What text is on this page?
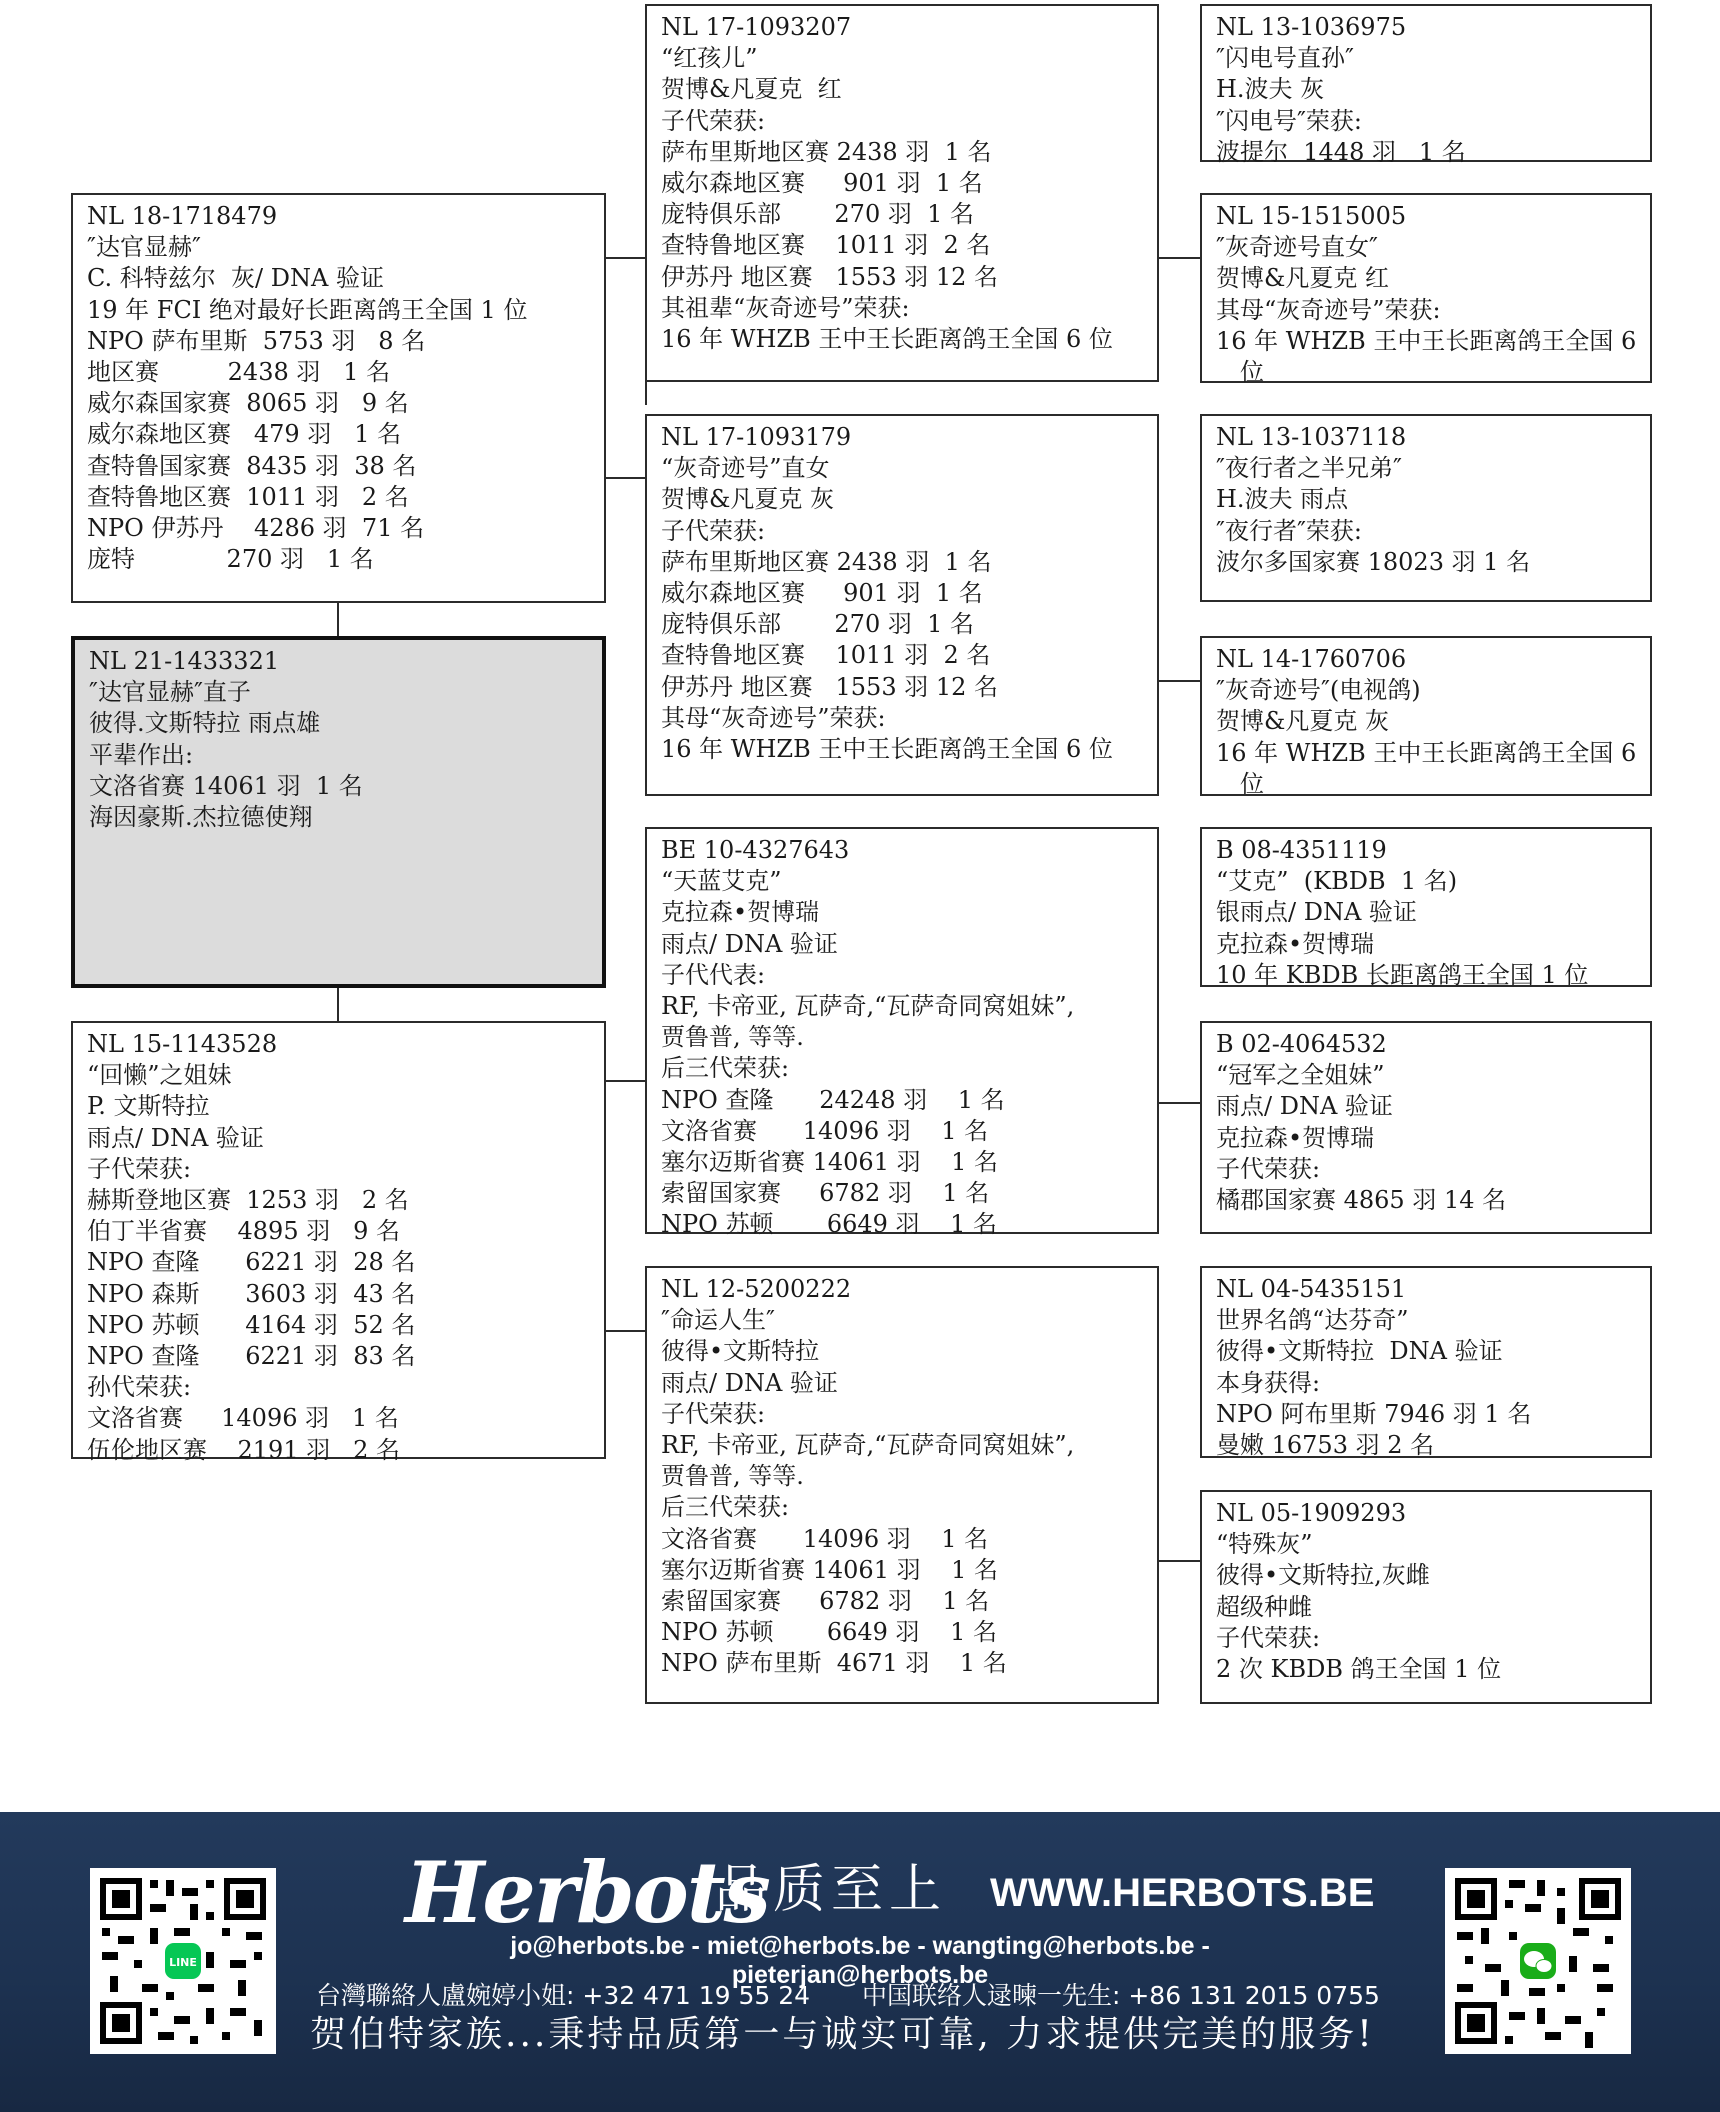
NL 18-1718479
″达官显赫″
C. 科特兹尔  灰/ DNA 验证
19 年 FCI 绝对最好长距离鸽王全国 1 位
NPO 萨布里斯  5753 羽   8 名
地区赛         2438 羽   1 名
威尔森国家赛  8065 羽   9 名
威尔森地区赛   479 羽   1 名
查特鲁国家赛  8435 羽  38 名
查特鲁地区赛  1011 羽   2 名
NPO 伊苏丹    4286 羽  71 名
庞特            270 羽   1 名
NL 21-1433321
″达官显赫″直子
彼得.文斯特拉 雨点雄
平辈作出:
文洛省赛 14061 羽  1 名
海因豪斯.杰拉德使翔
NL 15-1143528
“回懒”之姐妹
P. 文斯特拉
雨点/ DNA 验证
子代荣获:
赫斯登地区赛  1253 羽   2 名
伯丁半省赛    4895 羽   9 名
NPO 查隆      6221 羽  28 名
NPO 森斯      3603 羽  43 名
NPO 苏顿      4164 羽  52 名
NPO 查隆      6221 羽  83 名
孙代荣获:
文洛省赛     14096 羽   1 名
伍伦地区赛    2191 羽   2 名
NL 17-1093207
“红孩儿”
贺博&凡夏克  红
子代荣获:
萨布里斯地区赛 2438 羽  1 名
威尔森地区赛     901 羽  1 名
庞特俱乐部       270 羽  1 名
查特鲁地区赛    1011 羽  2 名
伊苏丹 地区赛   1553 羽 12 名
其祖辈“灰奇迹号”荣获:
16 年 WHZB 王中王长距离鸽王全国 6 位
NL 17-1093179
“灰奇迹号”直女
贺博&凡夏克 灰
子代荣获:
萨布里斯地区赛 2438 羽  1 名
威尔森地区赛     901 羽  1 名
庞特俱乐部       270 羽  1 名
查特鲁地区赛    1011 羽  2 名
伊苏丹 地区赛   1553 羽 12 名
其母“灰奇迹号”荣获:
16 年 WHZB 王中王长距离鸽王全国 6 位
BE 10-4327643
“天蓝艾克”
克拉森•贺博瑞
雨点/ DNA 验证
子代代表:
RF, 卡帝亚, 瓦萨奇,“瓦萨奇同窝姐妹”,
贾鲁普, 等等.
后三代荣获:
NPO 查隆      24248 羽    1 名
文洛省赛      14096 羽    1 名
塞尔迈斯省赛 14061 羽    1 名
索留国家赛     6782 羽    1 名
NPO 苏顿       6649 羽    1 名
NL 12-5200222
″命运人生″
彼得•文斯特拉
雨点/ DNA 验证
子代荣获:
RF, 卡帝亚, 瓦萨奇,“瓦萨奇同窝姐妹”,
贾鲁普, 等等.
后三代荣获:
文洛省赛      14096 羽    1 名
塞尔迈斯省赛 14061 羽    1 名
索留国家赛     6782 羽    1 名
NPO 苏顿       6649 羽    1 名
NPO 萨布里斯  4671 羽    1 名
NL 13-1036975
″闪电号直孙″
H.波夫 灰
″闪电号″荣获:
波提尔  1448 羽   1 名
NL 15-1515005
″灰奇迹号直女″
贺博&凡夏克 红
其母“灰奇迹号”荣获:
16 年 WHZB 王中王长距离鸽王全国 6
位
NL 13-1037118
″夜行者之半兄弟″
H.波夫 雨点
″夜行者″荣获:
波尔多国家赛 18023 羽 1 名
NL 14-1760706
″灰奇迹号″(电视鸽)
贺博&凡夏克 灰
16 年 WHZB 王中王长距离鸽王全国 6
位
B 08-4351119
“艾克”  (KBDB  1 名)
银雨点/ DNA 验证
克拉森•贺博瑞
10 年 KBDB 长距离鸽王全国 1 位
B 02-4064532
“冠军之全姐妹”
雨点/ DNA 验证
克拉森•贺博瑞
子代荣获:
橘郡国家赛 4865 羽 14 名
NL 04-5435151
世界名鸽“达芬奇”
彼得•文斯特拉  DNA 验证
本身获得:
NPO 阿布里斯 7946 羽 1 名
曼嫩 16753 羽 2 名
NL 05-1909293
“特殊灰”
彼得•文斯特拉,灰雌
超级种雌
子代荣获:
2 次 KBDB 鸽王全国 1 位
LINE
Herbots
品质至上 WWW.HERBOTS.BE
jo@herbots.be - miet@herbots.be - wangting@herbots.be - pieterjan@herbots.be
台灣聯絡人盧婉婷小姐: +32 471 19 55 24 中国联络人逯暕一先生: +86 131 2015 0755
贺伯特家族...秉持品质第一与诚实可靠, 力求提供完美的服务!
